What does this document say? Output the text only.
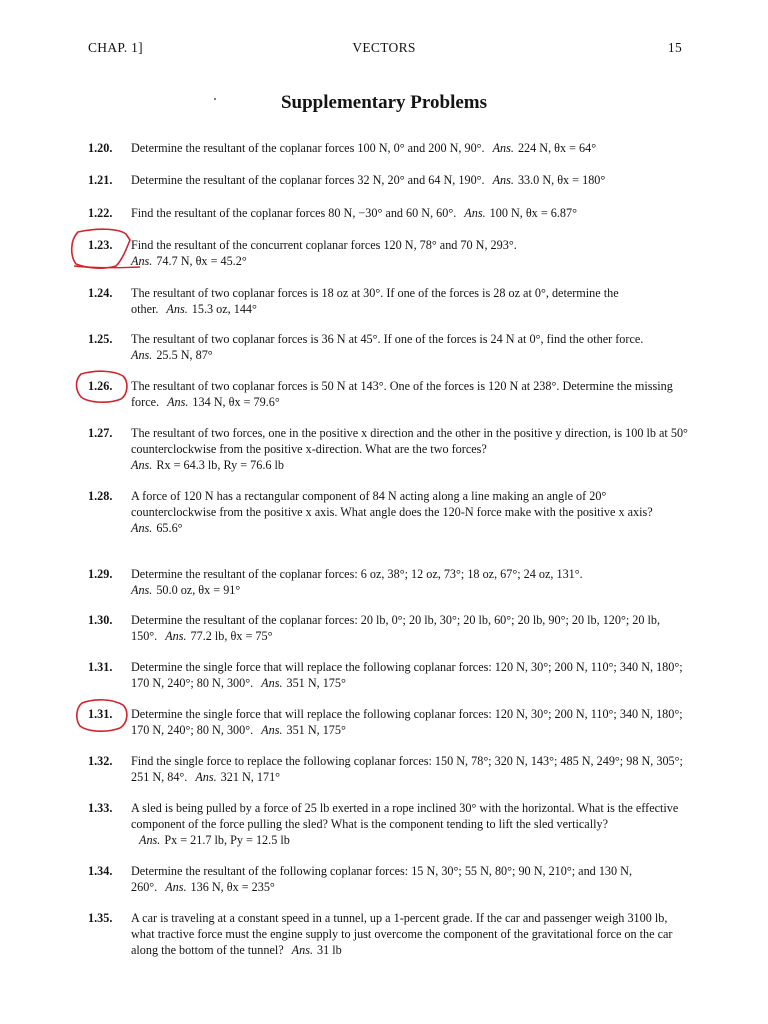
VECTORS
CHAP. 1]	15
Supplementary Problems
1.20.	Determine the resultant of the coplanar forces 100 N, 0° and 200 N, 90°. Ans. 224 N, θx = 64°
1.21.	Determine the resultant of the coplanar forces 32 N, 20° and 64 N, 190°. Ans. 33.0 N, θx = 180°
1.22.	Find the resultant of the coplanar forces 80 N, −30° and 60 N, 60°. Ans. 100 N, θx = 6.87°
1.23.	Find the resultant of the concurrent coplanar forces 120 N, 78° and 70 N, 293°.
Ans. 74.7 N, θx = 45.2°
1.24.	The resultant of two coplanar forces is 18 oz at 30°. If one of the forces is 28 oz at 0°, determine the other. Ans. 15.3 oz, 144°
1.25.	The resultant of two coplanar forces is 36 N at 45°. If one of the forces is 24 N at 0°, find the other force.
Ans. 25.5 N, 87°
1.26.	The resultant of two coplanar forces is 50 N at 143°. One of the forces is 120 N at 238°. Determine the missing force. Ans. 134 N, θx = 79.6°
1.27.	The resultant of two forces, one in the positive x direction and the other in the positive y direction, is 100 lb at 50° counterclockwise from the positive x-direction. What are the two forces?
Ans. Rx = 64.3 lb, Ry = 76.6 lb
1.28.	A force of 120 N has a rectangular component of 84 N acting along a line making an angle of 20° counterclockwise from the positive x axis. What angle does the 120-N force make with the positive x axis?
Ans. 65.6°
1.29.	Determine the resultant of the coplanar forces: 6 oz, 38°; 12 oz, 73°; 18 oz, 67°; 24 oz, 131°.
Ans. 50.0 oz, θx = 91°
1.30.	Determine the resultant of the coplanar forces: 20 lb, 0°; 20 lb, 30°; 20 lb, 60°; 20 lb, 90°; 20 lb, 120°; 20 lb, 150°. Ans. 77.2 lb, θx = 75°
1.31.	Determine the single force that will replace the following coplanar forces: 120 N, 30°; 200 N, 110°; 340 N, 180°; 170 N, 240°; 80 N, 300°. Ans. 351 N, 175°
1.31.	Determine the single force that will replace the following coplanar forces: 120 N, 30°; 200 N, 110°; 340 N, 180°; 170 N, 240°; 80 N, 300°. Ans. 351 N, 175°
1.32.	Find the single force to replace the following coplanar forces: 150 N, 78°; 320 N, 143°; 485 N, 249°; 98 N, 305°; 251 N, 84°. Ans. 321 N, 171°
1.33.	A sled is being pulled by a force of 25 lb exerted in a rope inclined 30° with the horizontal. What is the effective component of the force pulling the sled? What is the component tending to lift the sled vertically?Ans. Px = 21.7 lb, Py = 12.5 lb
1.34.	Determine the resultant of the following coplanar forces: 15 N, 30°; 55 N, 80°; 90 N, 210°; and 130 N, 260°. Ans. 136 N, θx = 235°
1.35.	A car is traveling at a constant speed in a tunnel, up a 1-percent grade. If the car and passenger weigh 3100 lb, what tractive force must the engine supply to just overcome the component of the gravitational force on the car along the bottom of the tunnel? Ans. 31 lb
